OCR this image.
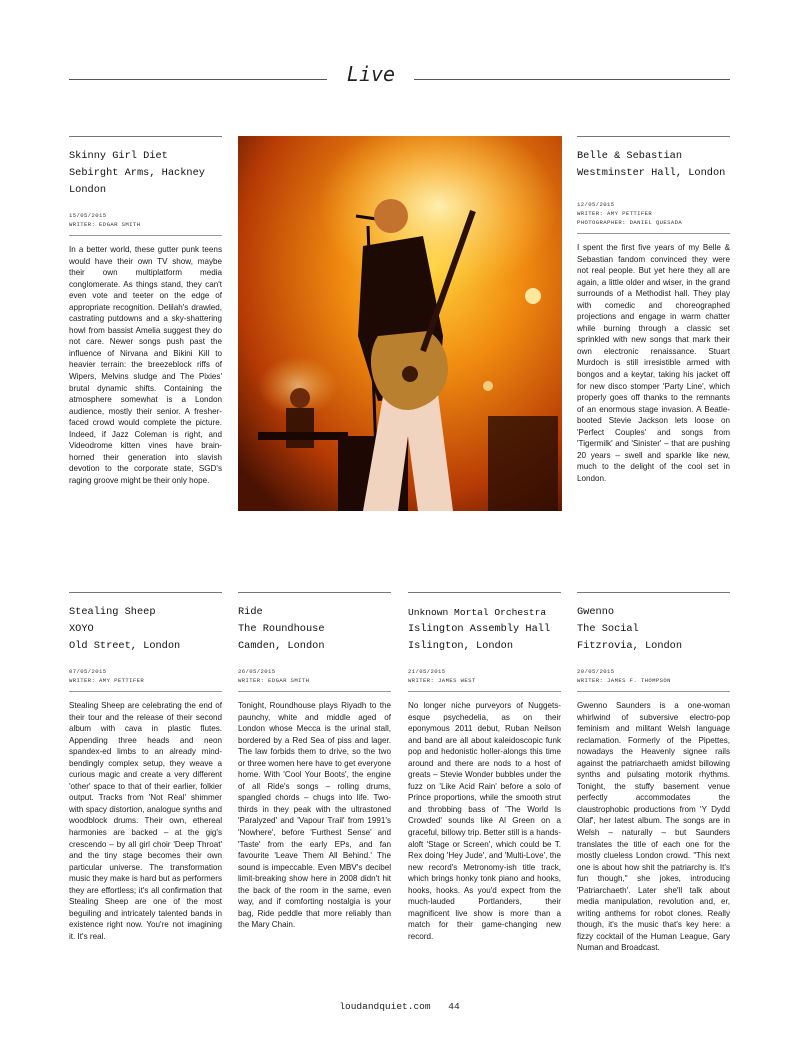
Live
Skinny Girl Diet
Sebirght Arms, Hackney
London
15/05/2015
WRITER: EDGAR SMITH
In a better world, these gutter punk teens would have their own TV show, maybe their own multiplatform media conglomerate. As things stand, they can't even vote and teeter on the edge of appropriate recognition. Delilah's drawled, castrating putdowns and a sky-shattering howl from bassist Amelia suggest they do not care. Newer songs push past the influence of Nirvana and Bikini Kill to heavier terrain: the breezeblock riffs of Wipers, Melvins sludge and The Pixies' brutal dynamic shifts. Containing the atmosphere somewhat is a London audience, mostly their senior. A fresher-faced crowd would complete the picture. Indeed, if Jazz Coleman is right, and Videodrome kitten vines have brain-horned their generation into slavish devotion to the corporate state, SGD's raging groove might be their only hope.
Belle & Sebastian
Westminster Hall, London
12/05/2015
WRITER: AMY PETTIFER
PHOTOGRAPHER: DANIEL QUESADA
I spent the first five years of my Belle & Sebastian fandom convinced they were not real people. But yet here they all are again, a little older and wiser, in the grand surrounds of a Methodist hall. They play with comedic and choreographed projections and engage in warm chatter while burning through a classic set sprinkled with new songs that mark their own electronic renaissance. Stuart Murdoch is still irresistible armed with bongos and a keytar, taking his jacket off for new disco stomper 'Party Line', which properly goes off thanks to the remnants of an enormous stage invasion. A Beatle-booted Stevie Jackson lets loose on 'Perfect Couples' and songs from 'Tigermilk' and 'Sinister' – that are pushing 20 years – swell and sparkle like new, much to the delight of the cool set in London.
Stealing Sheep
XOYO
Old Street, London
07/05/2015
WRITER: AMY PETTIFER
Stealing Sheep are celebrating the end of their tour and the release of their second album with cava in plastic flutes. Appending three heads and neon spandex-ed limbs to an already mind-bendingly complex setup, they weave a curious magic and create a very different 'other' space to that of their earlier, folkier output. Tracks from 'Not Real' shimmer with spacy distortion, analogue synths and woodblock drums. Their own, ethereal harmonies are backed – at the gig's crescendo – by all girl choir 'Deep Throat' and the tiny stage becomes their own particular universe. The transformation music they make is hard but as performers they are effortless; it's all confirmation that Stealing Sheep are one of the most beguiling and intricately talented bands in existence right now. You're not imagining it. It's real.
Ride
The Roundhouse
Camden, London
26/05/2015
WRITER: EDGAR SMITH
Tonight, Roundhouse plays Riyadh to the paunchy, white and middle aged of London whose Mecca is the urinal stall, bordered by a Red Sea of piss and lager. The law forbids them to drive, so the two or three women here have to get everyone home. With 'Cool Your Boots', the engine of all Ride's songs – rolling drums, spangled chords – chugs into life. Two-thirds in they peak with the ultrastoned 'Paralyzed' and 'Vapour Trail' from 1991's 'Nowhere', before 'Furthest Sense' and 'Taste' from the early EPs, and fan favourite 'Leave Them All Behind.' The sound is impeccable. Even MBV's decibel limit-breaking show here in 2008 didn't hit the back of the room in the same, even way, and if comforting nostalgia is your bag, Ride peddle that more reliably than the Mary Chain.
Unknown Mortal Orchestra
Islington Assembly Hall
Islington, London
21/05/2015
WRITER: JAMES WEST
No longer niche purveyors of Nuggets-esque psychedelia, as on their eponymous 2011 debut, Ruban Neilson and band are all about kaleidoscopic funk pop and hedonistic holler-alongs this time around and there are nods to a host of greats – Stevie Wonder bubbles under the fuzz on 'Like Acid Rain' before a solo of Prince proportions, while the smooth strut and throbbing bass of 'The World Is Crowded' sounds like Al Green on a graceful, billowy trip. Better still is a hands-aloft 'Stage or Screen', which could be T. Rex doing 'Hey Jude', and 'Multi-Love', the new record's Metronomy-ish title track, which brings honky tonk piano and hooks, hooks, hooks. As you'd expect from the much-lauded Portlanders, their magnificent live show is more than a match for their game-changing new record.
Gwenno
The Social
Fitzrovia, London
20/05/2015
WRITER: JAMES F. THOMPSON
Gwenno Saunders is a one-woman whirlwind of subversive electro-pop feminism and militant Welsh language reclamation. Formerly of the Pipettes, nowadays the Heavenly signee rails against the patriarchaeth amidst billowing synths and pulsating motorik rhythms. Tonight, the stuffy basement venue perfectly accommodates the claustrophobic productions from 'Y Dydd Olaf', her latest album. The songs are in Welsh – naturally – but Saunders translates the title of each one for the mostly clueless London crowd. "This next one is about how shit the patriarchy is. It's fun though," she jokes, introducing 'Patriarchaeth'. Later she'll talk about media manipulation, revolution and, er, writing anthems for robot clones. Really though, it's the music that's key here: a fizzy cocktail of the Human League, Gary Numan and Broadcast.
loudandquiet.com 44
